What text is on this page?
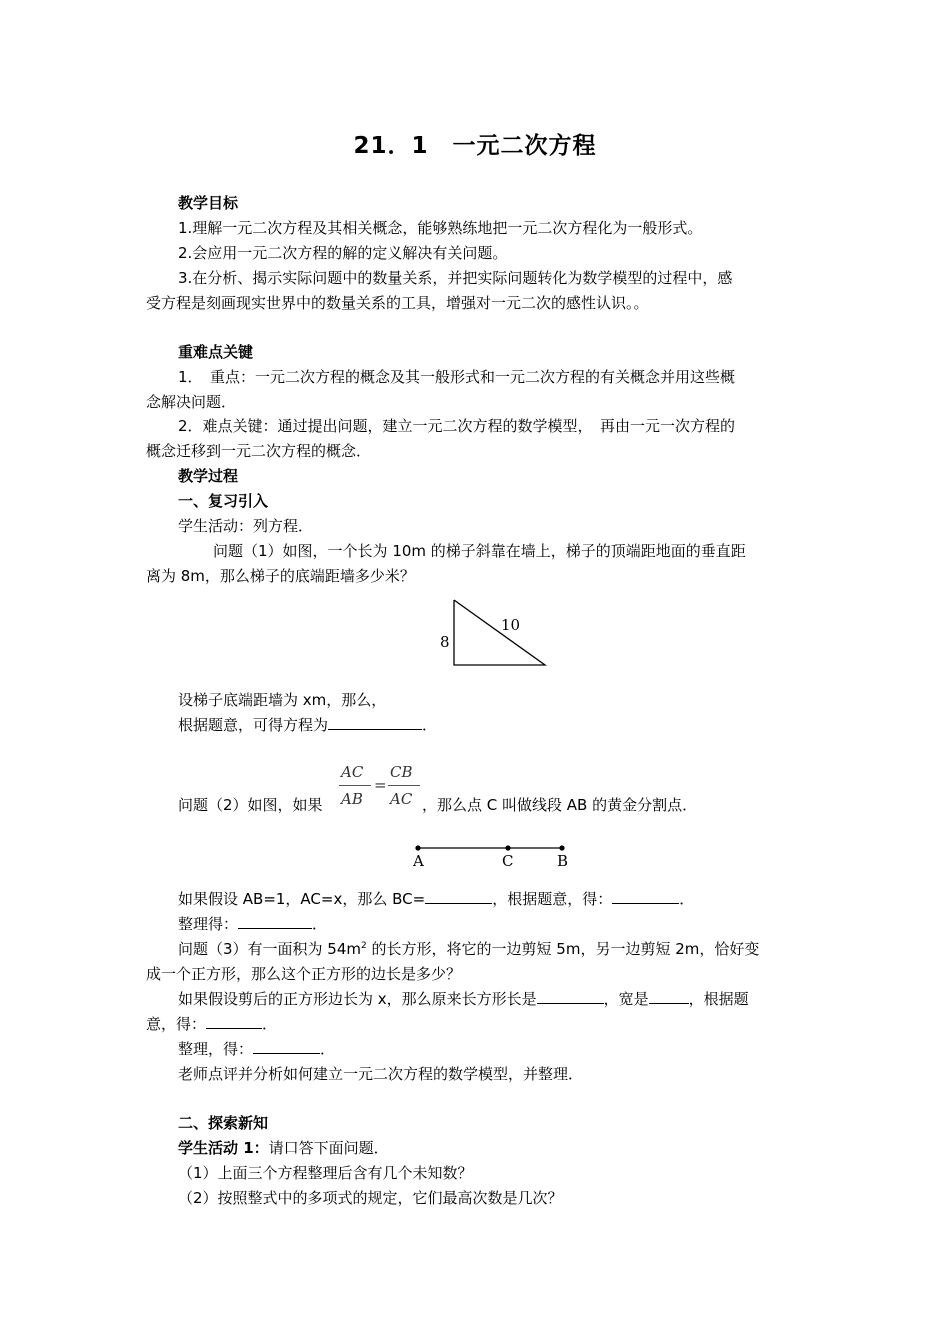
21．1　一元二次方程
教学目标
1.理解一元二次方程及其相关概念，能够熟练地把一元二次方程化为一般形式。
2.会应用一元二次方程的解的定义解决有关问题。
3.在分析、揭示实际问题中的数量关系，并把实际问题转化为数学模型的过程中，感
受方程是刻画现实世界中的数量关系的工具，增强对一元二次的感性认识。。
重难点关键
1．　重点：一元二次方程的概念及其一般形式和一元二次方程的有关概念并用这些概
念解决问题．
2．难点关键：通过提出问题，建立一元二次方程的数学模型，　再由一元一次方程的
概念迁移到一元二次方程的概念．
教学过程
一、复习引入
学生活动：列方程．
问题（1）如图，一个长为 10m 的梯子斜靠在墙上，梯子的顶端距地面的垂直距
离为 8m，那么梯子的底端距墙多少米？
8
10
设梯子底端距墙为 xm，那么，
根据题意，可得方程为	．
AC
AB
=
CB
AC
问题（2）如图，如果	，那么点 C 叫做线段 AB 的黄金分割点．
A	C	B
如果假设 AB=1，AC=x，那么 BC=	，根据题意，得：	．
整理得：	．
问题（3）有一面积为 $54m^2$ 的长方形，将它的一边剪短 5m，另一边剪短 2m，恰好变
成一个正方形，那么这个正方形的边长是多少？
如果假设剪后的正方形边长为 x，那么原来长方形长是	，宽是	，根据题
意，得：	．
整理，得：	．
老师点评并分析如何建立一元二次方程的数学模型，并整理．
二、探索新知
学生活动 1：请口答下面问题．
（1）上面三个方程整理后含有几个未知数？
（2）按照整式中的多项式的规定，它们最高次数是几次？
